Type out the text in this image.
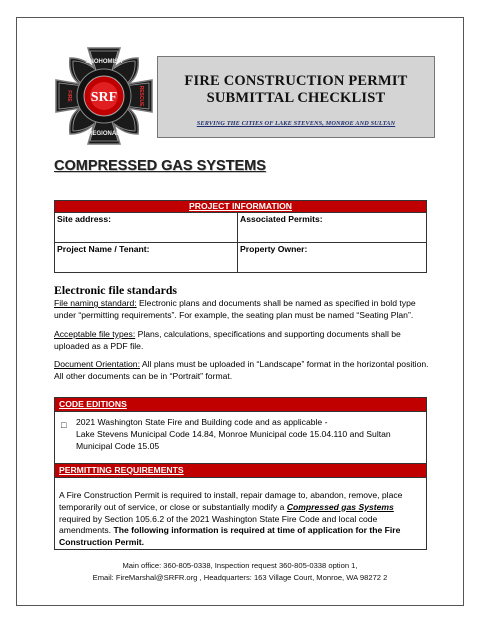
SRF
SNOHOMISH
REGIONAL
FIRE	RESCUE
FIRE CONSTRUCTION PERMIT
SUBMITTAL CHECKLIST
SERVING THE CITIES OF LAKE STEVENS, MONROE AND SULTAN
COMPRESSED GAS SYSTEMS
PROJECT INFORMATION	
Site address:	Associated Permits:
Project Name / Tenant:	Property Owner:
Electronic file standards
File naming standard: Electronic plans and documents shall be named as specified in bold type under “permitting requirements”. For example, the seating plan must be named “Seating Plan”.
Acceptable file types: Plans, calculations, specifications and supporting documents shall be uploaded as a PDF file.
Document Orientation: All plans must be uploaded in “Landscape” format in the horizontal position. All other documents can be in “Portrait” format.
CODE EDITIONS
□ 2021 Washington State Fire and Building code and as applicable -
Lake Stevens Municipal Code 14.84, Monroe Municipal code 15.04.110 and Sultan
Municipal Code 15.05
PERMITTING REQUIREMENTS
A Fire Construction Permit is required to install, repair damage to, abandon, remove, place temporarily out of service, or close or substantially modify a Compressed gas Systems required by Section 105.6.2 of the 2021 Washington State Fire Code and local code amendments. The following information is required at time of application for the Fire Construction Permit.
Main office: 360-805-0338, Inspection request 360-805-0338 option 1,
Email: FireMarshal@SRFR.org , Headquarters: 163 Village Court, Monroe, WA 98272 2
